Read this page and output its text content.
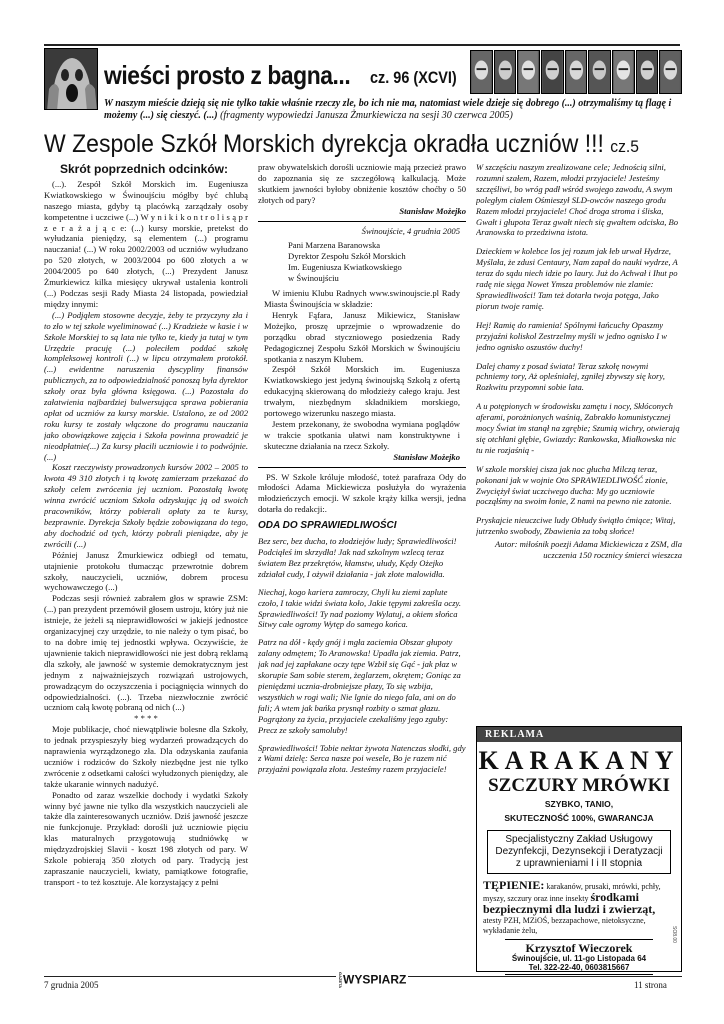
wieści prosto z bagna... cz. 96 (XCVI)
W naszym mieście dzieją się nie tylko takie właśnie rzeczy zle, bo ich nie ma, natomiast wiele dzieje się dobrego (...) otrzymaliśmy tą flagę i możemy (...) się cieszyć. (...) (fragmenty wypowiedzi Janusza Żmurkiewicza na sesji 30 czerwca 2005)
W Zespole Szkół Morskich dyrekcja okradła uczniów !!! cz.5
Skrót poprzednich odcinków:

(...). Zespół Szkół Morskich im. Eugeniusza Kwiatkowskiego w Świnoujściu mógłby być chlubą naszego miasta, gdyby tą placówką zarządzały osoby kompetentne i uczciwe (...) W y n i k i k o n t r o l i s ą p r z e r a ż a j ą c e: (...) kursy morskie, pretekst do wyłudzania pieniędzy, są elementem (...) programu nauczania! (...) W roku 2002/2003 od uczniów wyłudzano po 520 złotych, w 2003/2004 po 600 złotych a w 2004/2005 po 640 złotych, (...) Prezydent Janusz Żmurkiewicz kilka miesięcy ukrywał ustalenia kontroli (...) Podczas sesji Rady Miasta 24 listopada, powiedział między innymi:

(...) Podjąłem stosowne decyzje, żeby te przyczyny zła i to zło w tej szkole wyeliminować (...) Kradzieże w kasie i w Szkole Morskiej to są lata nie tylko te, kiedy ja tutaj w tym Urzędzie pracuję (...) poleciłem poddać szkołę kompleksowej kontroli (...) w lipcu otrzymałem protokół. (...) ewidentne naruszenia dyscypliny finansów publicznych, za to odpowiedzialność ponoszą była dyrektor szkoły oraz była główna księgowa. (...) Pozostała do załatwienia najbardziej bulwersująca sprawa pobierania opłat od uczniów za kursy morskie. Ustalono, ze od 2002 roku kursy te zostały włączone do programu nauczania jako obowiązkowe zajęcia i Szkoła powinna prowadzić je nieodpłatnie(...) Za kursy płacili uczniowie i to podwójnie. (...)

Koszt rzeczywisty prowadzonych kursów 2002 – 2005 to kwota 49 310 złotych i tą kwotę zamierzam przekazać do szkoły celem zwrócenia jej uczniom. Pozostałą kwotę winna zwrócić uczniom Szkoła odzyskując ją od swoich pracowników, którzy pobierali opłaty za te kursy, bezprawnie. Dyrekcja Szkoły będzie zobowiązana do tego, aby dochodzić od tych, którzy pobrali pieniądze, aby je zwrócili (...)

Później Janusz Żmurkiewicz odbiegł od tematu, utajnienie protokołu tłumacząc przewrotnie dobrem szkoły, nauczycieli, uczniów, dobrem procesu wychowawczego (...)

Podczas sesji również zabrałem głos w sprawie ZSM: (...) pan prezydent przemówił głosem ustroju, który już nie istnieje, że jeżeli są nieprawidłowości w jakiejś jednostce organizacyjnej czy urzędzie, to nie należy o tym pisać, bo to na dobre imię tej jednostki wpływa. Oczywiście, że ujawnienie takich nieprawidłowości nie jest dobrą reklamą dla szkoły, ale jawność w systemie demokratycznym jest jednym z najważniejszych rozwiązań ustrojowych, prowadzącym do oczyszczenia i pociągnięcia winnych do odpowiedzialności. (...). Trzeba niezwłocznie zwrócić uczniom całą kwotę pobraną od nich (...)

* * * *

Moje publikacje, choć niewątpliwie bolesne dla Szkoły, to jednak przyspieszyły bieg wydarzeń prowadzących do naprawienia wyrządzonego zła. Dla odzyskania zaufania uczniów i rodziców do Szkoły niezbędne jest nie tylko zwrócenie z odsetkami całości wyłudzonych pieniędzy, ale także ukaranie winnych nadużyć.

Ponadto od zaraz wszelkie dochody i wydatki Szkoły winny być jawne nie tylko dla wszystkich nauczycieli ale także dla zainteresowanych uczniów. Dziś jawność jeszcze nie funkcjonuje. Przykład: dorośli już uczniowie pięciu klas maturalnych przygotowują studniówkę w międzyzdrojskiej Slavii - koszt 198 złotych od pary. W Szkole pobierają 350 złotych od pary. Tradycją jest zapraszanie nauczycieli, kwiaty, pamiątkowe fotografie, transport - to też kosztuje. Ale korzystający z pełni

praw obywatelskich dorośli uczniowie mają przecież prawo do zapoznania się ze szczegółową kalkulacją. Może skutkiem jawności byłoby obniżenie kosztów choćby o 50 złotych od pary?

Stanisław Możejko

Świnoujście, 4 grudnia 2005

Pani Marzena Baranowska

Dyrektor Zespołu Szkół Morskich

Im. Eugeniusza Kwiatkowskiego

w Świnoujściu

W imieniu Klubu Radnych www.swinoujscie.pl Rady Miasta Świnoujścia w składzie:

Henryk Fąfara, Janusz Mikiewicz, Stanisław Możejko, proszę uprzejmie o wprowadzenie do porządku obrad styczniowego posiedzenia Rady Pedagogicznej Zespołu Szkół Morskich w Świnoujściu spotkania z naszym Klubem.

Zespół Szkół Morskich im. Eugeniusza Kwiatkowskiego jest jedyną świnoujską Szkołą z ofertą edukacyjną skierowaną do młodzieży całego kraju. Jest trwałym, niezbędnym składnikiem morskiego, portowego wizerunku naszego miasta.

Jestem przekonany, że swobodna wymiana poglądów w trakcie spotkania ułatwi nam konstruktywne i skuteczne działania na rzecz Szkoły.

Stanisław Możejko

PS. W Szkole króluje młodość, toteż parafraza Ody do młodości Adama Mickiewicza posłużyła do wyrażenia młodzieńczych emocji. W szkole krąży kilka wersji, jedna dotarła do redakcji:.

ODA DO SPRAWIEDLIWOŚCI

Bez serc, bez ducha, to złodziejów ludy; Sprawiedliwości! Podciąłeś im skrzydła! Jak nad szkolnym wzlecą teraz światem Bez przekrętów, kłamstw, ułudy, Kędy Ożejko zdziałał cudy, I ożywił działania - jak złote malowidła.

Niechaj, kogo kariera zamroczy, Chyli ku ziemi zaplute czoło, I takie widzi świata koło, Jakie tępymi zakreśla oczy. Sprawiedliwości! Ty nad poziomy Wylatuj, a okiem słońca Sitwy całe ogromy Wytęp do samego końca.

Patrz na dół - kędy gnój i mgła zaciemia Obszar głupoty zalany odmętem; To Aranowska! Upadła jak ziemia. Patrz, jak nad jej zapłakane oczy tępe Wzbił się Gąć - jak płaz w skorupie Sam sobie sterem, żeglarzem, okrętem; Goniąc za pieniędzmi ucznia-drobniejsze płazy, To się wzbija, wszystkich w rogi wali; Nie lgnie do niego fala, ani on do fali; A wtem jak bańka prysnął rozbity o szmat głazu. Pogrążony za życia, przyjaciele czekaliśmy jego zguby: Precz ze szkoły samoluby!

Sprawiedliwości! Tobie nektar żywota Natenczas słodki, gdy z Wami dzielę: Serca nasze poi wesele, Bo je razem nić przyjaźni powiązała złota. Jesteśmy razem przyjaciele!

W szczęściu naszym zrealizowane cele; Jednością silni, rozumni szałem, Razem, młodzi przyjaciele! Jesteśmy szczęśliwi, bo wróg padł wśród swojego zawodu, A swym poległym ciałem Ośmieszył SLD-owców naszego grodu Razem młodzi przyjaciele! Choć droga stroma i śliska, Gwałt i głupota Teraz gwałt niech się gwałtem odciska, Bo Aranowska to przedziwna istota.

Dzieckiem w kolebce los jej rozum jak łeb urwał Hydrze, Myślała, że zdusi Centaury, Nam zapał do nauki wydrze, A teraz do sądu niech idzie po laury. Już do Achwał i Ihut po radę nie sięga Nowet Ymsza problemów nie zlamie: Sprawiedliwości! Tam też dotarła twoja potęga, Jako piorun twoje ramię.

Hej! Ramię do ramienia! Spólnymi łańcuchy Opaszmy przyjaźni koliskol Zestrzelmy myśli w jedno ognisko I w jedno ognisko oszustów duchy!

Dalej chamy z posad świata! Teraz szkołę nowymi pchniemy tory, Aż opleśniałej, zgniłej zbywszy się kory, Rozkwitu przypomni sobie lata.

A u potępionych w środowisku zamętu i nocy, Skłóconych aferami, porożnionych waśnią, Zabrakło komunistycznej mocy Świat im stanął na zgrębie; Szumią wichry, otwierają się otchłani głębie, Gwiazdy: Rankowska, Miałkowska nic tu nie rozjaśnią -

W szkole morskiej cisza jak noc głucha Milczą teraz, pokonani jak w wojnie Oto SPRAWIEDLIWOŚĆ zionie, Zwyciężył świat uczciwego ducha: My go uczniowie począłśmy na swoim łonie, Z nami na pewno nie zatonie.

Pryskajcie nieuczciwe ludy Obłudy świątło ćmiące; Witaj, jutrzenko swobody, Zbawienia za tobą słońce!

Autor: miłośnik poezji Adama Mickiewicza z ZSM, dla uczczenia 150 rocznicy śmierci wieszcza

REKLAMA
KARAKANY
SZCZURY MRÓWKI
SZYBKO, TANIO,
SKUTECZNOŚĆ 100%, GWARANCJA
Specjalistyczny Zakład Usługowy
Dezynfekcji, Dezynsekcji i Deratyzacji
z uprawnieniami I i II stopnia
TĘPIENIE: karakanów, prusaki, mrówki, pchły, myszy, szczury oraz inne insekty środkami bezpiecznymi dla ludzi i zwierząt, atesty PZH, MZiOŚ, bezzapachowe, nietoksyczne, wykładanie żelu,
Krzysztof Wieczorek
Świnoujście, ul. 11-go Listopada 64
Tel. 322-22-40, 0603815667
SO8.00
7 grudnia 2005	GAZETAWYSPIARZ	11 strona
